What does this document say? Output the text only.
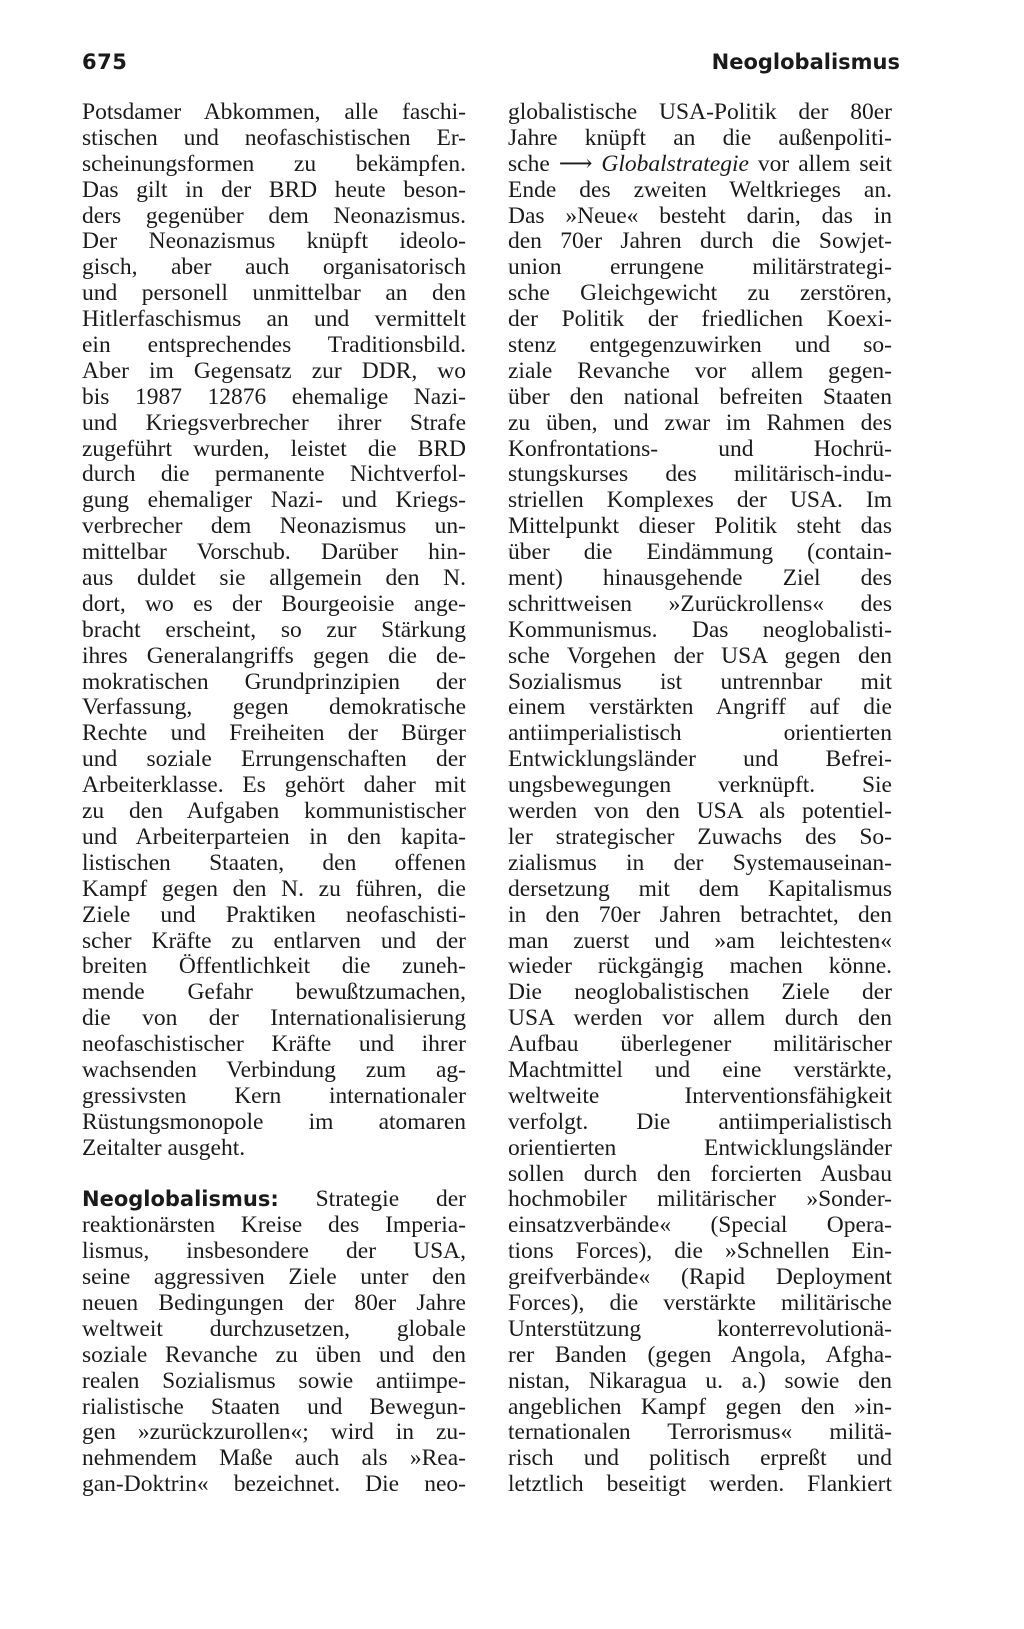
675	Neoglobalismus
Potsdamer Abkommen, alle faschi-
stischen und neofaschistischen Er-
scheinungsformen zu bekämpfen.
Das gilt in der BRD heute beson-
ders gegenüber dem Neonazismus.
Der Neonazismus knüpft ideolo-
gisch, aber auch organisatorisch
und personell unmittelbar an den
Hitlerfaschismus an und vermittelt
ein entsprechendes Traditionsbild.
Aber im Gegensatz zur DDR, wo
bis 1987 12876 ehemalige Nazi-
und Kriegsverbrecher ihrer Strafe
zugeführt wurden, leistet die BRD
durch die permanente Nichtverfol-
gung ehemaliger Nazi- und Kriegs-
verbrecher dem Neonazismus un-
mittelbar Vorschub. Darüber hin-
aus duldet sie allgemein den N.
dort, wo es der Bourgeoisie ange-
bracht erscheint, so zur Stärkung
ihres Generalangriffs gegen die de-
mokratischen Grundprinzipien der
Verfassung, gegen demokratische
Rechte und Freiheiten der Bürger
und soziale Errungenschaften der
Arbeiterklasse. Es gehört daher mit
zu den Aufgaben kommunistischer
und Arbeiterparteien in den kapita-
listischen Staaten, den offenen
Kampf gegen den N. zu führen, die
Ziele und Praktiken neofaschisti-
scher Kräfte zu entlarven und der
breiten Öffentlichkeit die zuneh-
mende Gefahr bewußtzumachen,
die von der Internationalisierung
neofaschistischer Kräfte und ihrer
wachsenden Verbindung zum ag-
gressivsten Kern internationaler
Rüstungsmonopole im atomaren
Zeitalter ausgeht.
Neoglobalismus: Strategie der
reaktionärsten Kreise des Imperia-
lismus, insbesondere der USA,
seine aggressiven Ziele unter den
neuen Bedingungen der 80er Jahre
weltweit durchzusetzen, globale
soziale Revanche zu üben und den
realen Sozialismus sowie antiimpe-
rialistische Staaten und Bewegun-
gen »zurückzurollen«; wird in zu-
nehmendem Maße auch als »Rea-
gan-Doktrin« bezeichnet. Die neo-
globalistische USA-Politik der 80er
Jahre knüpft an die außenpoliti-
sche ⟶ Globalstrategie vor allem seit
Ende des zweiten Weltkrieges an.
Das »Neue« besteht darin, das in
den 70er Jahren durch die Sowjet-
union errungene militärstrategi-
sche Gleichgewicht zu zerstören,
der Politik der friedlichen Koexi-
stenz entgegenzuwirken und so-
ziale Revanche vor allem gegen-
über den national befreiten Staaten
zu üben, und zwar im Rahmen des
Konfrontations- und Hochrü-
stungskurses des militärisch-indu-
striellen Komplexes der USA. Im
Mittelpunkt dieser Politik steht das
über die Eindämmung (contain-
ment) hinausgehende Ziel des
schrittweisen »Zurückrollens« des
Kommunismus. Das neoglobalisti-
sche Vorgehen der USA gegen den
Sozialismus ist untrennbar mit
einem verstärkten Angriff auf die
antiimperialistisch orientierten
Entwicklungsländer und Befrei-
ungsbewegungen verknüpft. Sie
werden von den USA als potentiel-
ler strategischer Zuwachs des So-
zialismus in der Systemauseinan-
dersetzung mit dem Kapitalismus
in den 70er Jahren betrachtet, den
man zuerst und »am leichtesten«
wieder rückgängig machen könne.
Die neoglobalistischen Ziele der
USA werden vor allem durch den
Aufbau überlegener militärischer
Machtmittel und eine verstärkte,
weltweite Interventionsfähigkeit
verfolgt. Die antiimperialistisch
orientierten Entwicklungsländer
sollen durch den forcierten Ausbau
hochmobiler militärischer »Sonder-
einsatzverbände« (Special Opera-
tions Forces), die »Schnellen Ein-
greifverbände« (Rapid Deployment
Forces), die verstärkte militärische
Unterstützung konterrevolutionä-
rer Banden (gegen Angola, Afgha-
nistan, Nikaragua u. a.) sowie den
angeblichen Kampf gegen den »in-
ternationalen Terrorismus« militä-
risch und politisch erpreßt und
letztlich beseitigt werden. Flankiert
